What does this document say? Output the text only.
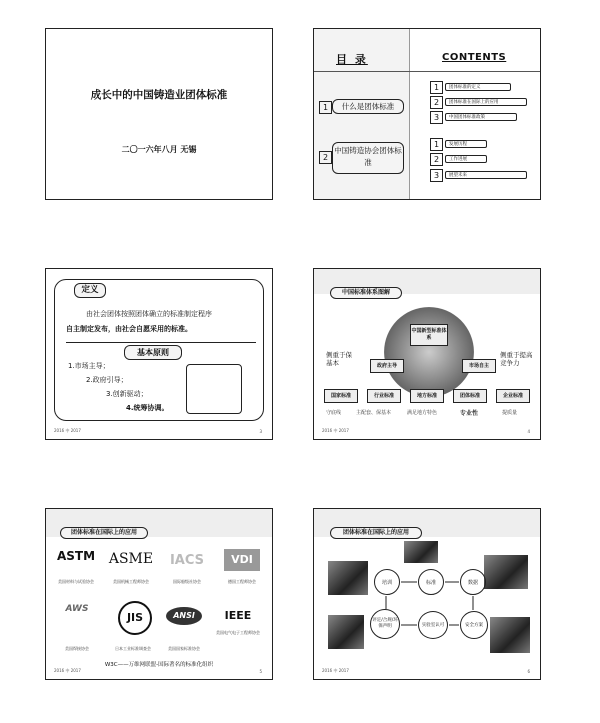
成长中的中国铸造业团体标准
二〇一六年八月 无锡
目 录	CONTENTS
1	什么是团体标准
2
中国铸造协会团体标准
1	团体标准的定义
2	团体标准在国际上的应用
3	中国团体标准政策
1	发展历程
2	工作进展
3	展望未来
定义
由社会团体按照团体确立的标准制定程序
自主制定发布，由社会自愿采用的标准。
基本原则
1.市场主导；
2.政府引导；
3.创新驱动；
4.统筹协调。
2016 中 2017	3
中国标准体系图解
中国新型标准体系
侧重于保基本
侧重于提高竞争力
政府主导	市场自主
国家标准	行业标准	地方标准	团体标准	企业标准
守底线	主配套、保基本	满足地方特色	专业性	提质量
2016 中 2017	4
团体标准在国际上的应用
ASTM
美国材料与试验协会
ASME
美国机械工程师协会
IACS
国际船级社协会
VDI
德国工程师协会
AWS
美国焊接协会
JIS
日本工业标准调查会
ANSI
美国国家标准协会
IEEE
美国电气电子工程师协会
W3C——万维网联盟-国际著名的标准化组织
2016 中 2017	5
团体标准在国际上的应用
培训	标准	数据
评定/合规/环保声明	实验室认可	安全方案
2016 中 2017	6
